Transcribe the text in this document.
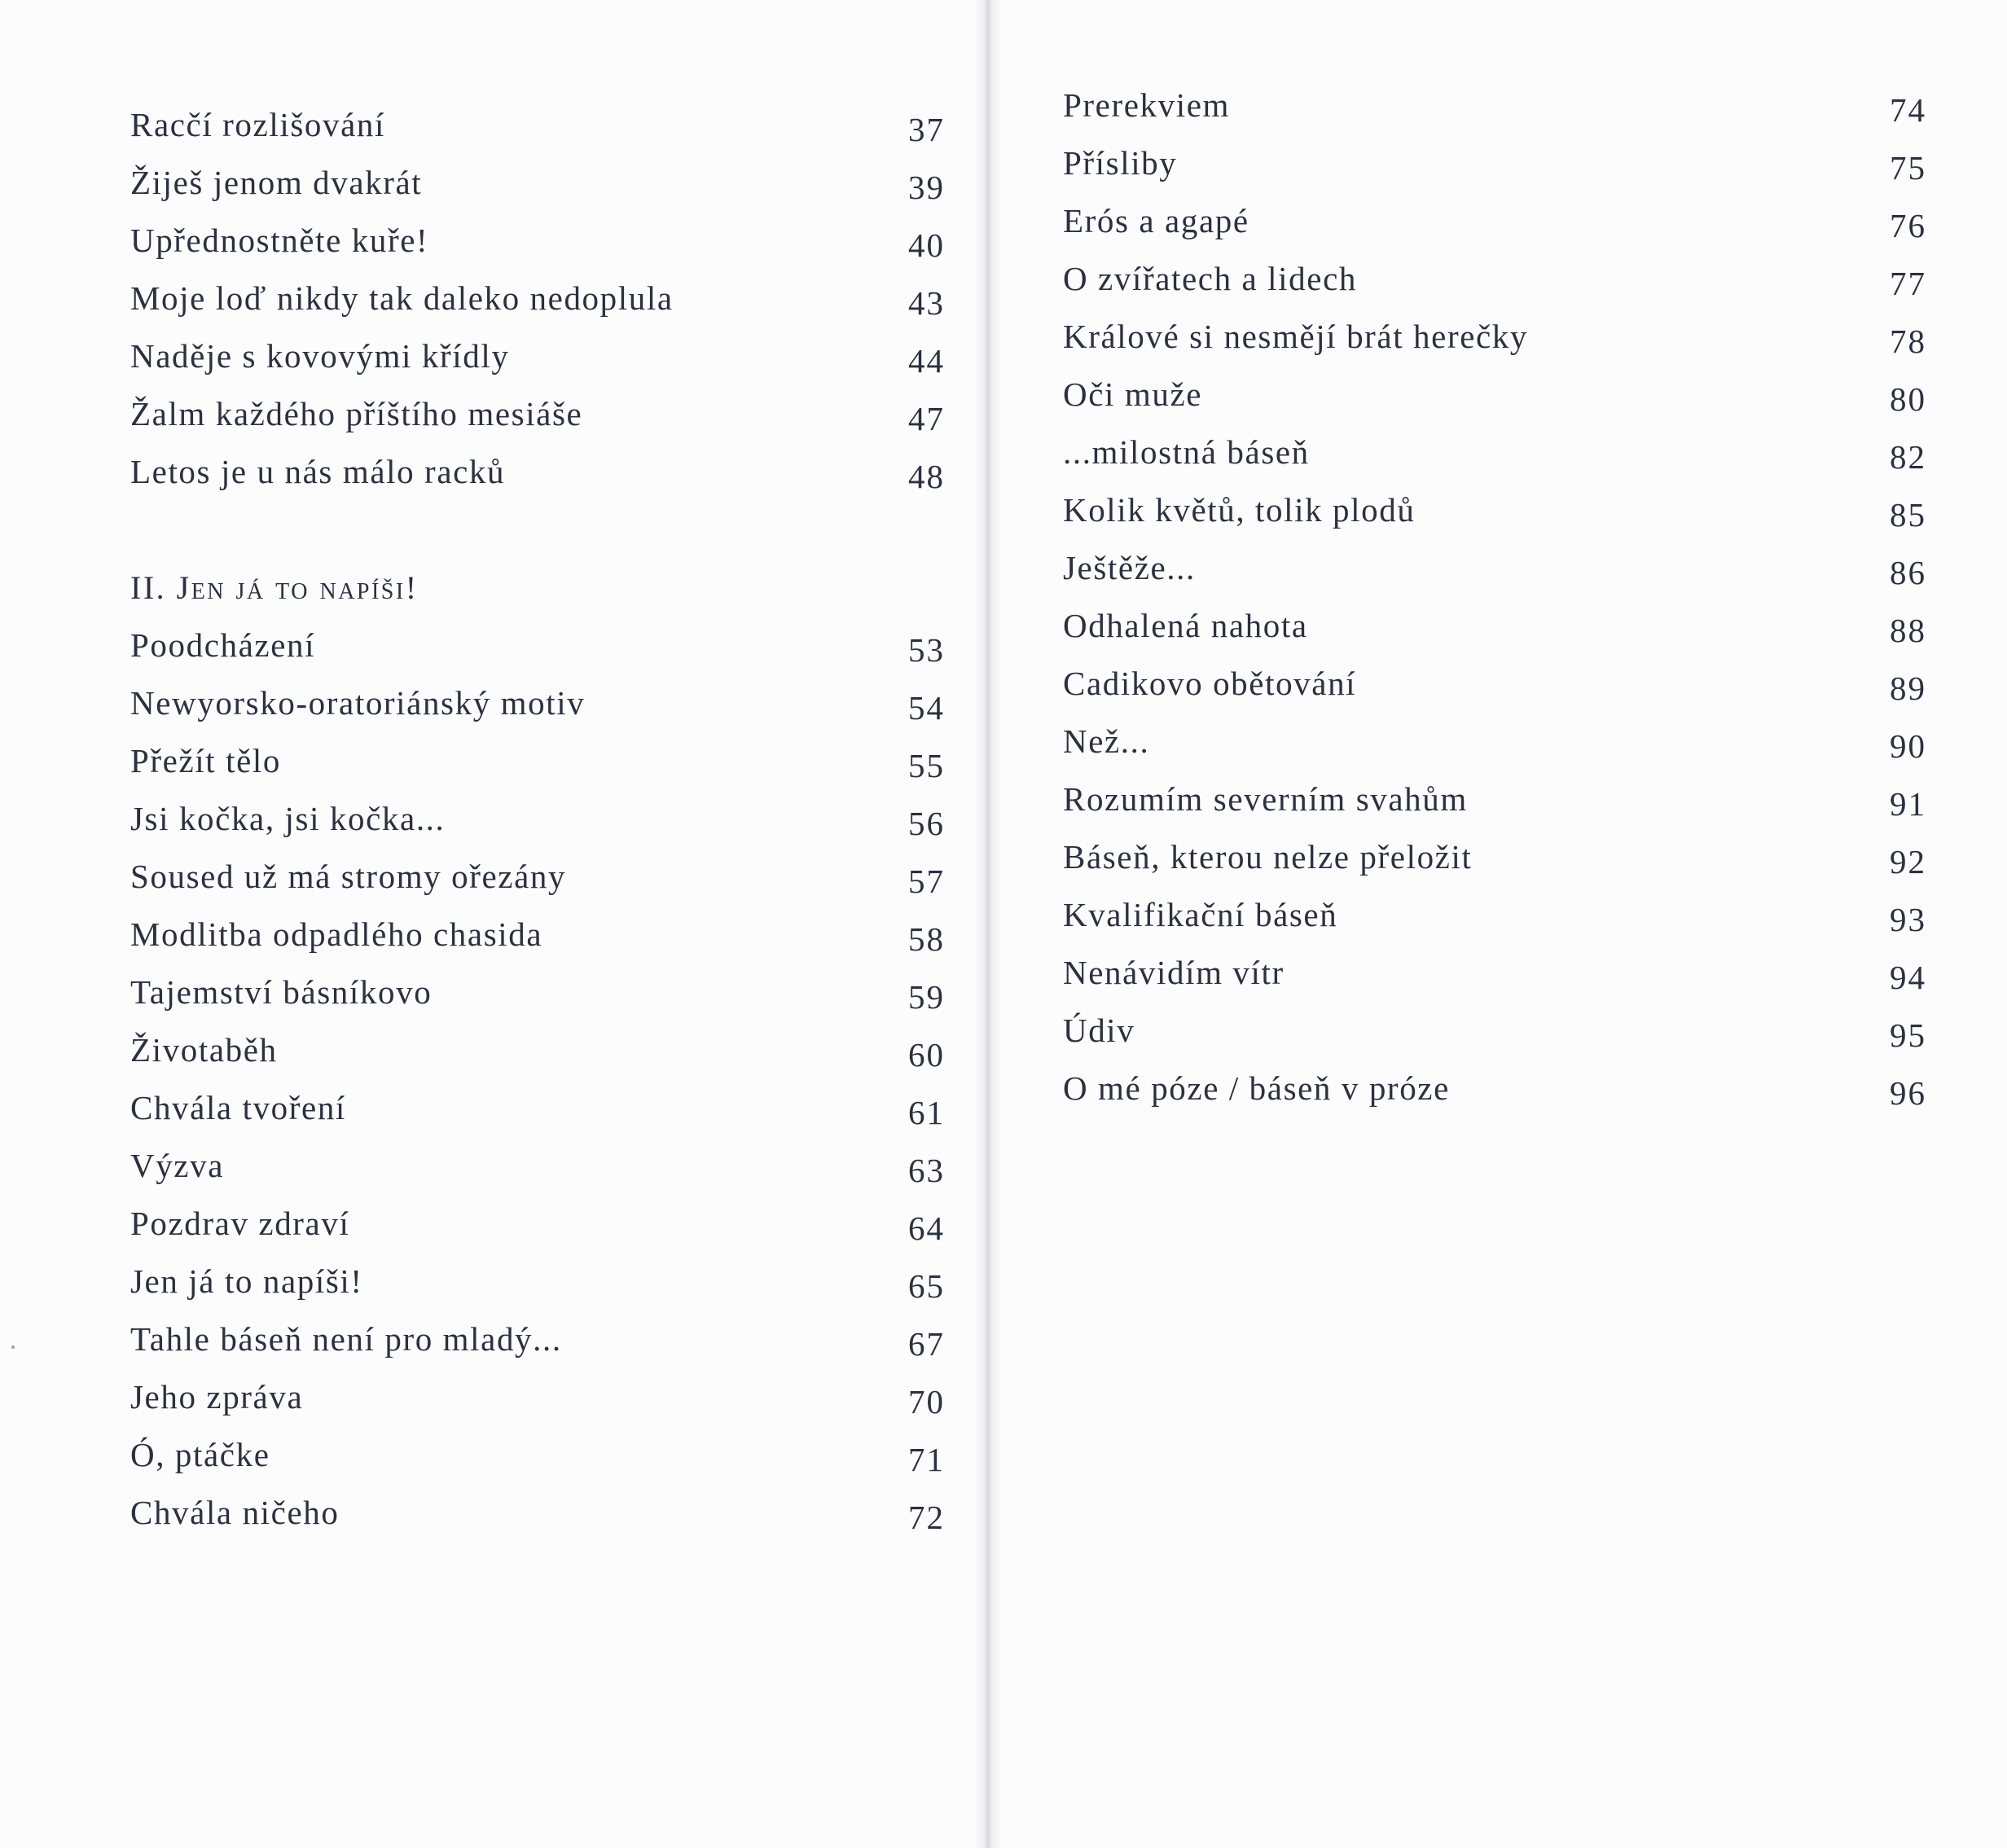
Racčí rozlišování	37
Žiješ jenom dvakrát	39
Upřednostněte kuře!	40
Moje loď nikdy tak daleko nedoplula	43
Naděje s kovovými křídly	44
Žalm každého příštího mesiáše	47
Letos je u nás málo racků	48
II. Jen já to napíši!
Poodcházení	53
Newyorsko-oratoriánský motiv	54
Přežít tělo	55
Jsi kočka, jsi kočka...	56
Soused už má stromy ořezány	57
Modlitba odpadlého chasida	58
Tajemství básníkovo	59
Životaběh	60
Chvála tvoření	61
Výzva	63
Pozdrav zdraví	64
Jen já to napíši!	65
Tahle báseň není pro mladý...	67
Jeho zpráva	70
Ó, ptáčke	71
Chvála ničeho	72
Prerekviem	74
Přísliby	75
Erós a agapé	76
O zvířatech a lidech	77
Králové si nesmějí brát herečky	78
Oči muže	80
...milostná báseň	82
Kolik květů, tolik plodů	85
Ještěže...	86
Odhalená nahota	88
Cadikovo obětování	89
Než...	90
Rozumím severním svahům	91
Báseň, kterou nelze přeložit	92
Kvalifikační báseň	93
Nenávidím vítr	94
Údiv	95
O mé póze / báseň v próze	96
